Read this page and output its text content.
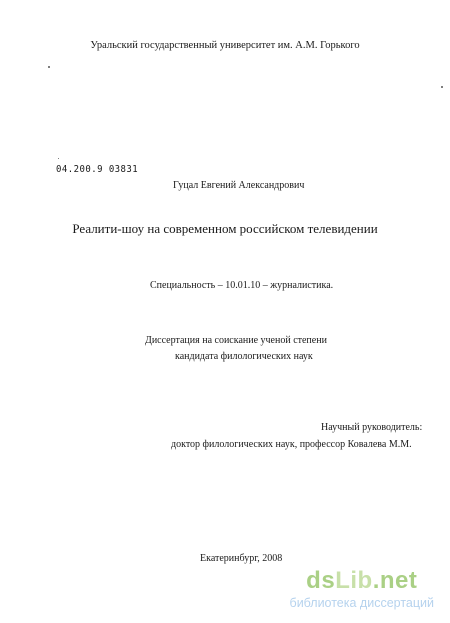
Уральский государственный университет им. А.М. Горького
04.200.9 03831
Гуцал Евгений Александрович
Реалити-шоу на современном российском телевидении
Специальность – 10.01.10 – журналистика.
Диссертация на соискание ученой степени
кандидата филологических наук
Научный руководитель:
доктор филологических наук, профессор Ковалева М.М.
Екатеринбург, 2008
dsLib.net
библиотека диссертаций
